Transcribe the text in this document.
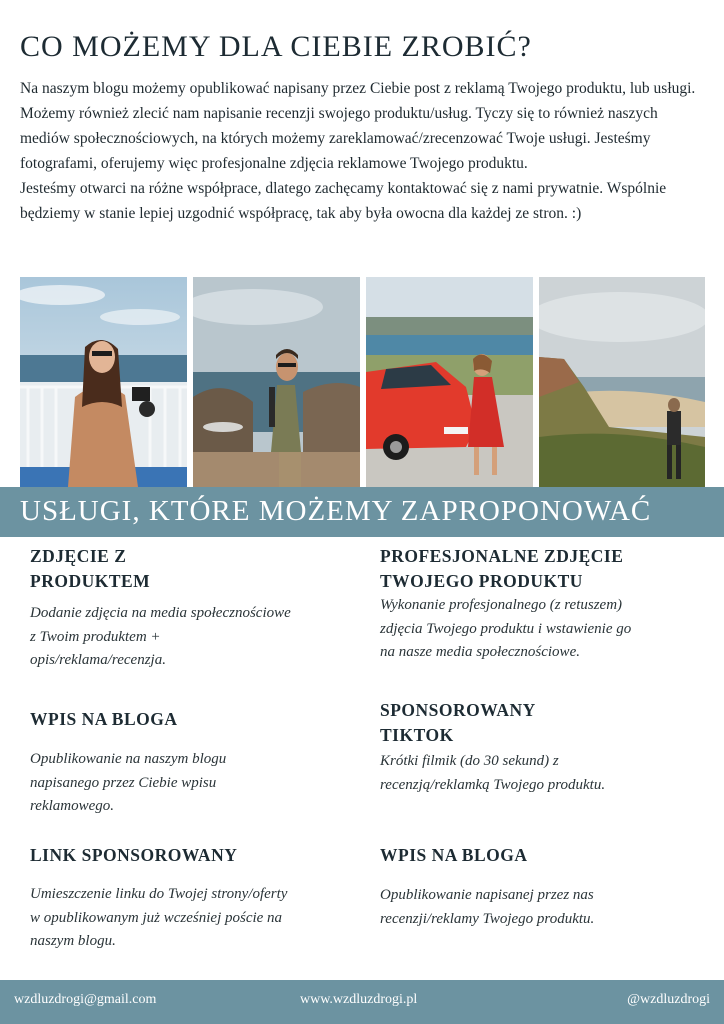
CO MOŻEMY DLA CIEBIE ZROBIĆ?

Na naszym blogu możemy opublikować napisany przez Ciebie post z reklamą Twojego produktu, lub usługi. Możemy również zlecić nam napisanie recenzji swojego produktu/usług. Tyczy się to również naszych mediów społecznościowych, na których możemy zareklamować/zrecenzować Twoje usługi. Jesteśmy fotografami, oferujemy więc profesjonalne zdjęcia reklamowe Twojego produktu.

Jesteśmy otwarci na różne współprace, dlatego zachęcamy kontaktować się z nami prywatnie. Wspólnie będziemy w stanie lepiej uzgodnić współpracę, tak aby była owocna dla każdej ze stron. :)

USŁUGI, KTÓRE MOŻEMY ZAPROPONOWAĆ
ZDJĘCIE Z PRODUKTEM

Dodanie zdjęcia na media społecznościowe z Twoim produktem + opis/reklama/recenzja.

WPIS NA BLOGA

Opublikowanie na naszym blogu napisanego przez Ciebie wpisu reklamowego.

LINK SPONSOROWANY

Umieszczenie linku do Twojej strony/oferty w opublikowanym już wcześniej poście na naszym blogu.

PROFESJONALNE ZDJĘCIE TWOJEGO PRODUKTU

Wykonanie profesjonalnego (z retuszem) zdjęcia Twojego produktu i wstawienie go na nasze media społecznościowe.

SPONSOROWANY TIKTOK

Krótki filmik (do 30 sekund) z recenzją/reklamką Twojego produktu.

WPIS NA BLOGA

Opublikowanie napisanej przez nas recenzji/reklamy Twojego produktu.

wzdluzdrogi@gmail.com	www.wzdluzdrogi.pl	@wzdluzdrogi
